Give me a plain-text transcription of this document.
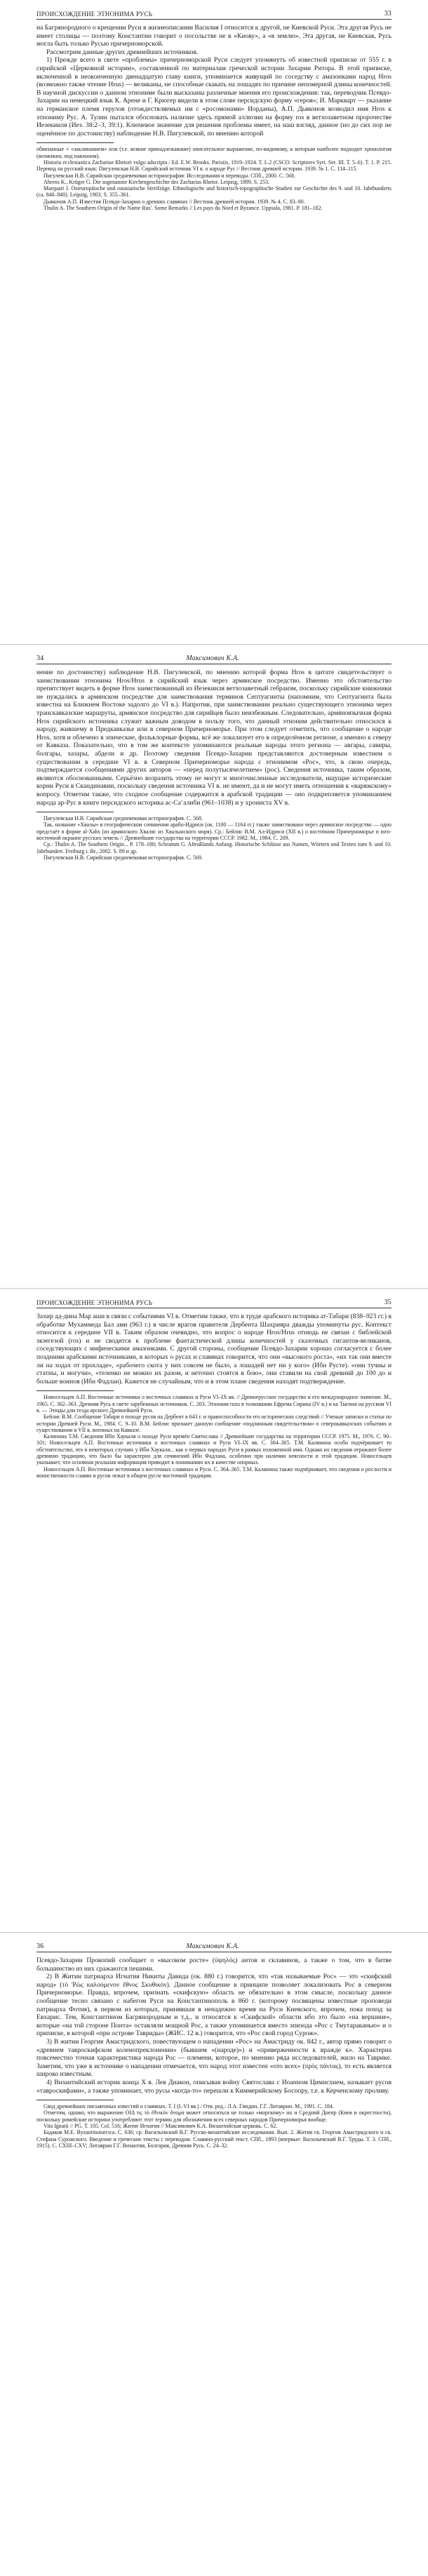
ПРОИСХОЖДЕНИЕ ЭТНОНИМА РУСЬ	33

на Багрянородного о крещении Руси в жизнеописании Василия I относится к другой, не Киевской Руси. Эта другая Русь не имеет столицы — поэтому Константин говорит о посольстве не в «Киову», а «в землю». Эта другая, не Киевская, Русь могла быть только Русью причерноморской.

Рассмотрим данные других древнейших источников.

1) Прежде всего в свете «проблемы» причерноморской Руси следует упомянуть об известной приписке от 555 г. в сирийской «Церковной истории», составленной по материалам греческой истории Захарии Ритора. В этой приписке, включенной в неоконченную двенадцатую главу книги, упоминается живущий по соседству с амазонками народ Hros (возможно также чтение Hrus) — великаны, не способные скакать на лошадях по причине непомерной длины конечностей. В научной дискуссии о данном этнониме были высказаны различные мнения его происхождения: так, переводчик Псевдо-Захарии на немецкий язык К. Арене и Г. Крюгер видели в этом слове персидскую форму «героя»; И. Маркварт — указание на германское племя герулов (отождествляемых им с «росомонами» Иорданы), А.П. Дьяконов возводил имя Hros к этнониму Рус. А. Тулин пытался обосновать наличие здесь прямой аллюзии на форму ros в ветхозаветном пророчестве Иезекииля (Иез. 38:2–3, 39:1). Ключевое значение для решения проблемы имеет, на наш взгляд, данное (но до сих пор не оценённое по достоинству) наблюдение Н.В. Пигулевской, по мнению которой

обвязанные + «заклинанием» или (т.е. всякие принадлежавшие) описательное выражение, по-видимому, к которым наиболее подходит хронология (возможно, под павлоном).

Historia ecclesiastica Zachariae Rhetori vulgo adscripta / Ed. E.W. Brooks. Parisiis, 1919–1924. T. I–2 (CSCO. Scriptores Syri. Ser. III. T. 5–6). T. 1. P. 215. Перевод на русский язык: Пигулевская Н.В. Сирийский источник VI в. о народе Рус // Вестник древней истории. 1939. № 1. С. 114–115.

Пигулевская Н.В. Сирийская средневековая историография: Исследования и переводы. СПб., 2000. С. 568.

Ahrens K., Krüger G. Die sogenannte Kirchengeschichte des Zacharias Rhetor. Leipzig, 1899. S. 253.

Marquart J. Osteuropäische und ostasiatische Streifzüge. Ethnologische und historisch-topographische Studien zur Geschichte des 9. und 10. Jahrhunderts (ca. 840–940). Leipzig, 1903. S. 355–361.

Дьяконов А.П. Известия Псевдо-Захарии о древних славянах // Вестник древней истории. 1939. № 4. С. 83–90.

Thulin A. The Southern Origin of the Name Rus'. Some Remarks // Les pays du Nord et Byzance. Uppsala, 1981. P. 181–182.

34	Максимович К.А.

нение по достоинству) наблюдение Н.В. Пигулевской, по мнению которой форма Hros в цитате свидетельствует о заимствовании этнонима Hros/Hrus в сирийский язык через армянское посредство. Именно это обстоятельство препятствует видеть в форме Hros заимствованный из Иезекииля ветхозаветный гебраизм, поскольку сирийские книжники не нуждались в армянском посредстве для заимствования терминов Септуагинты (напомним, что Септуагинта была известна на Ближнем Востоке задолго до VI в.). Напротив, при заимствовании реально существующего этнонима через транскавказские маршруты, армянское посредство для сирийцев было неизбежным. Следовательно, армяноязычная форма Hros сирийского источника служит важным доводом в пользу того, что данный этноним действительно относился к народу, жившему в Предкавказье или в северном Причерноморье. При этом следует отметить, что сообщение о народе Hros, хотя и облечено в эпические, фольклорные формы, всё же локализует его в определённом регионе, а именно к северу от Кавказа. Показательно, что в том же контексте упоминаются реальные народы этого региона — авгары, савиры, болгары, хазары, абдели и др. Поэтому сведения Псевдо-Захарии представляются достоверным известием о существовании в середине VI в. в Северном Причерноморье народа с этнонимом «Рос», что, в свою очередь, подтверждается сообщениями других авторов — «перед полутысячелетием» (рос). Сведения источника, таким образом, являются обоснованными. Серьёзно возразить этому не могут и многочисленные исследователи, ищущие исторические корни Руси в Скандинавии, поскольку сведения источника VI в. не имеют, да и не могут иметь отношения к «варяжскому» вопросу. Отметим также, что сходное сообщение содержится в арабской традиции — оно подкрепляется упоминанием народа ар-Рус в книге персидского историка ас-Са‘алиби (961–1038) и у хрониста XV в.

Пигулевская Н.В. Сирийская средневековая историография. С. 568.

Так, название «Хвалы» в географическом сочинении арабо-Идриси (ок. 1100 — 1164 гг.) также заимствовано через армянское посредство — одно предстаёт в форме al-Xabs (из армянского Хваляс из Хвалынского моря). Ср.: Бейлис В.М. Ал-Идриси (XII в.) о восточном Причерноморье и юго-восточной окраине русских земель // Древнейшие государства на территории СССР. 1982. М., 1984. С. 209.

Ср.: Thulin A. The Southern Origin... P. 178–180; Schramm G. Altrußlands Anfang. Historische Schlüsse aus Namen, Wörtern und Texten zum 9. und 10. Jahrhundert. Freiburg i. Br., 2002. S. 89 и др.

Пигулевская Н.В. Сирийская средневековая историография. С. 569.

ПРОИСХОЖДЕНИЕ ЭТНОНИМА РУСЬ	35

Захир ад-дина Мар аши в связи с событиями VI в. Отметим также, что в труде арабского историка ат-Табари (838–923 гг.) в обработке Мухаммеда Бал ами (963 г.) в числе врагов правителя Дербента Шахрияра дважды упоминуты рус. Контекст относится к середине VII в. Таким образом очевидно, что вопрос о народе Hros/Hrus отнюдь не связан с библейской экзегезой (ros) и не сводится к проблеме фантастической длины конечностей у сказочных гигантов-великанов, соседствующих с мифическими амазонками. С другой стороны, сообщение Псевдо-Захарии хорошо согласуется с более поздними арабскими источниками, в которых о русах и славянах говорится, что они «высокого роста», «их так они вместе ли на ходах от прохладе», «рабочего скота у них совсем не было, а лошадей нет ни у кого» (Ибн Русте). «они тучны и статны, и могучи», «теленко не можно их разом, и неточно стоятся в бою», они ставили на свой древний до 100 до и больше воинов (Ибн Фадлан). Кажется не случайным, что и в этом плане сведения находят подтверждение.

Новосельцев А.П. Восточные источники о восточных славянах и Руси VI–IX вв. // Древнерусское государство и его международное значение. М., 1965. С. 362–363. Древняя Русь в свете зарубежных источников. С. 203. Этноним ruzu в толковании Ефрема Сирина (IV в.) и ка Тыгина на русском VI в. — Этюды дли тезда ярского Древнейшей Руси.

Бейлис В.М. Сообщение Табари о походе русов на Дербент в 643 г. и правоспособности его исторических следствий // Ученые записки и статьи по истории Древней Руси. М., 1984. С. 9–10. В.М. Бейлис признает данную сообщение «подлинным свидетельством» о северокавказских событиях и существовании в VII в. военных на Кавказе.

Калинина Т.М. Сведения Ибн Хаукаля о походе Руси времён Святослава // Древнейшие государства на территории СССР. 1975. М., 1976. С. 90–101; Новосельцев А.П. Восточные источники о восточных славянах и Руси VI–IX вв. С. 364–365. Т.М. Калинина особо подчёркивает то обстоятельство, что в некоторых случаях у Ибн Хаукаля... как о первых народах Руси в рамках изложенной ими. Однако их сведения отражают более древнюю традицию, что было бы характерно для сочинений Ибн Фадлана, особенно при наличии неясности в этой традиции. Новосельцев указывает, что основная реальная информация приводит к пониманию их в качестве опорных.

Новосельцев А.П. Восточные источники о восточных славянах и Руси. С. 364–365. Т.М. Калинина также подчёркивает, что сведения о рослости и воинственности славян и русов лежат в общем русле восточной традиции.

36	Максимович К.А.

Псевдо-Захарии Прокопий сообщает о «высоком росте» (ὑψηλός) антов и склавинов, а также о том, что в битве большинство из них сражаются пешими.

2) В Житии патриарха Игнатия Никиты Давида (ок. 880 г.) говорится, что «так называемые Рос» — это «скифский народ» (τὸ Ῥὼς καλούμενον ἔθνος Σκυθικόν). Данное сообщение в принципе позволяет локализовать Рос в северном Причерноморье. Правда, впрочем, признать «скифскую» область не обязательно в этом смысле, поскольку данное сообщение тесно связано с набегом Руси на Константинополь в 860 г. (которому посвящены известные проповеди патриарха Фотия), в первом из которых, принявшая в ненадежно время на Руси Киевского, впрочем, пока поход за Евхарис. Тем, Константином Багрянородным и т.д., и относятся к «Скифской» области ибо это было «на вершине», которые «на той стороне Понта» оставляли мощной Рос, а также упоминается вместо эпизода «Рос с Тмутараканью» и о приписке, в которой «при острове Тавриды» (ЖИС. 12 в.) говорится, что «Рос свой город Сурож».

3) В житии Георгия Амастридского, повествующем о нападении «Рос» на Амастриду ок. 842 г., автор прямо говорит о «древнем тавроскифском коленопреклонении» (бывшем «(народе)») и «приверженности к вражде к». Характерна повсеместно точная характеристика народа Рос — племени, которое, по мнению ряда исследователей, жило на Таврике. Заметим, что уже в источнике о нападении отмечается, что народ этот известен «ото всех» (πρὸς πάντας), то есть является широко известным.

4) Византийский историк конца X в. Лев Диакон, описывая войну Святослава с Иоанном Цимисхием, называет русов «тавроскифами», а также упоминает, что русы «когда-то» перешли к Киммерийскому Боспору, т.е. к Керченскому проливу.

Свод древнейших письменных известий о славянах. Т. I (I–VI вв.) / Отв. ред.: Л.А. Гиндин, Г.Г. Литаврин. М., 1991. С. 184.

Отметим, однако, что выражение ΟΙΔ τις τὸ ἐθνικὸν ὄνομα может относиться не только «морскому» но и Средний Днепр (Киев и окрестности), поскольку ромейские историки употребляют этот термин для обозначения всех северных народов Причерноморья вообще.

Vita Ignatii // PG. Т. 105. Col. 516; Житие Игнатия // Максимович К.А. Византийская церковь. С. 62.

Бадаков М.Е. Byzantinoturcica. С. 636; ср. Васильевский В.Г. Русско-византийские исследования. Вып. 2. Жития св. Георгия Амастридского и св. Стефана Сурожского. Введение и греческие тексты с переводом. Славяно-русский текст. СПб., 1893 (впервые: Васильевский В.Г. Труды. Т. 3. СПб., 1915). С. CXIII–CXV; Литаврин Г.Г. Византия, Болгария, Древняя Русь. С. 24–32.
